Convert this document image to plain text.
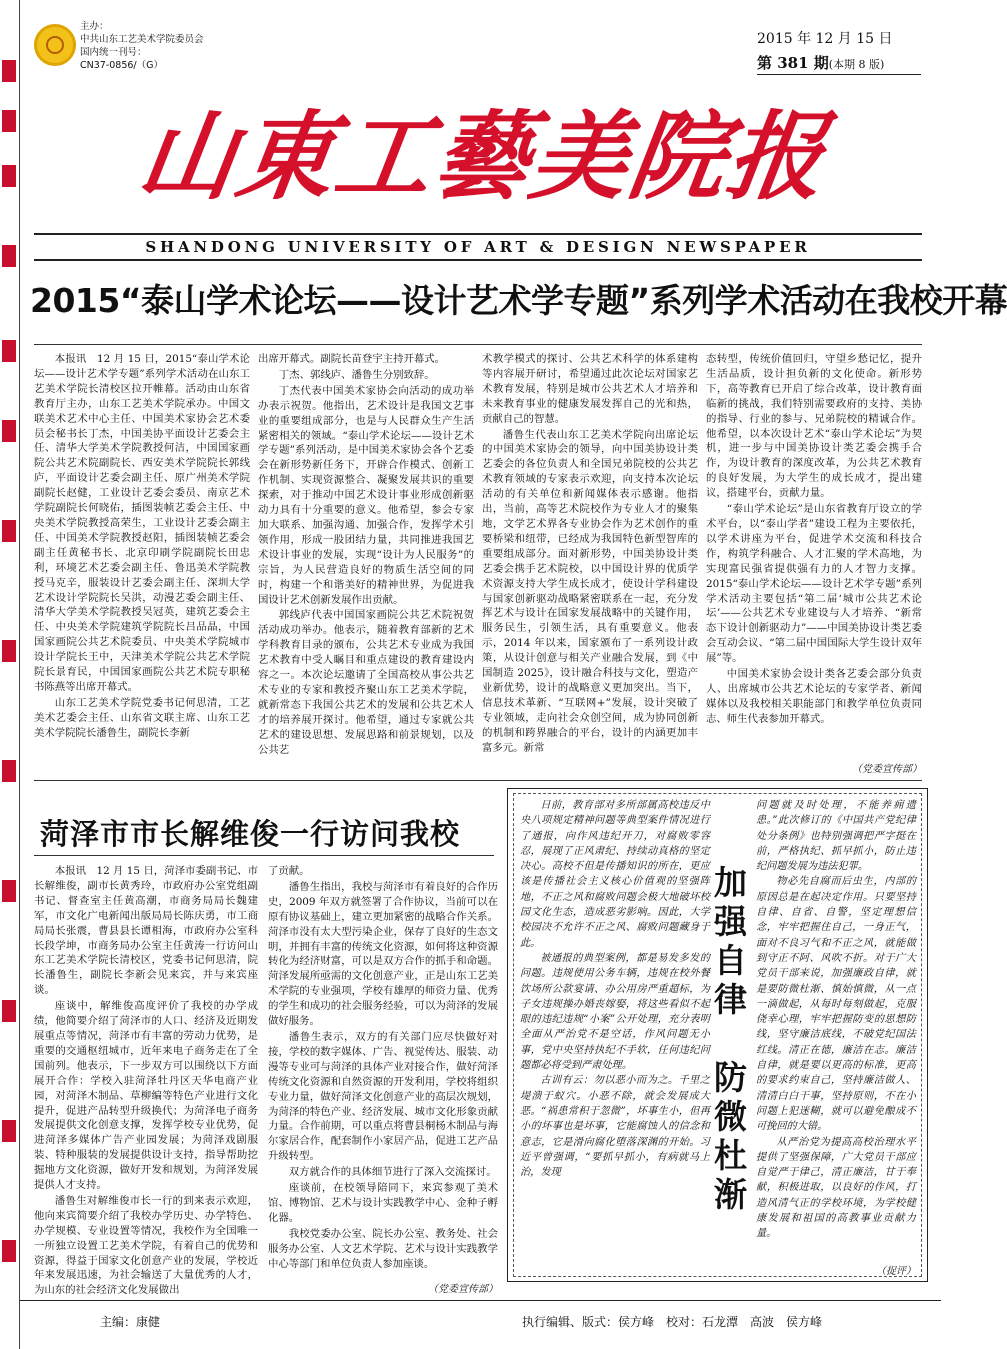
主办：
中共山东工艺美术学院委员会
国内统一刊号：
CN37-0856/（G）
2015 年 12 月 15 日
第 381 期(本期 8 版)
山東工藝美院报
SHANDONG UNIVERSITY OF ART & DESIGN NEWSPAPER
2015“泰山学术论坛——设计艺术学专题”系列学术活动在我校开幕

本报讯　12 月 15 日，2015“泰山学术论坛——设计艺术学专题”系列学术活动在山东工艺美术学院长清校区拉开帷幕。活动由山东省教育厅主办，山东工艺美术学院承办。中国文联美术艺术中心主任、中国美术家协会艺术委员会秘书长丁杰，中国美协平面设计艺委会主任、清华大学美术学院教授何洁，中国国家画院公共艺术院副院长、西安美术学院院长郭线庐，平面设计艺委会副主任、原广州美术学院副院长赵健，工业设计艺委会委员、南京艺术学院副院长何晓佑，插图装帧艺委会主任、中央美术学院教授高荣生，工业设计艺委会副主任、中国美术学院教授赵阳，插图装帧艺委会副主任黄秘书长、北京印刷学院副院长田忠利，环境艺术艺委会副主任、鲁迅美术学院教授马克辛，服装设计艺委会副主任、深圳大学艺术设计学院院长吴洪，动漫艺委会副主任、清华大学美术学院教授吴冠英，建筑艺委会主任、中央美术学院建筑学院院长吕品晶，中国国家画院公共艺术院委员、中央美术学院城市设计学院长王中，天津美术学院公共艺术学院院长景育民，中国国家画院公共艺术院专职秘书陈燕等出席开幕式。

山东工艺美术学院党委书记何思清，工艺美术艺委会主任、山东省文联主席、山东工艺美术学院院长潘鲁生，副院长李新

出席开幕式。副院长苗登宇主持开幕式。

丁杰、郭线庐、潘鲁生分别致辞。

丁杰代表中国美术家协会向活动的成功举办表示祝贺。他指出，艺术设计是我国文艺事业的重要组成部分，也是与人民群众生产生活紧密相关的领域。“泰山学术论坛——设计艺术学专题”系列活动，是中国美术家协会各个艺委会在新形势新任务下，开辟合作模式、创新工作机制、实现资源整合、凝聚发展共识的重要探索，对于推动中国艺术设计事业形成创新驱动力具有十分重要的意义。他希望，参会专家加大联系、加强沟通、加强合作，发挥学术引领作用，形成一股团结力量，共同推进我国艺术设计事业的发展，实现“设计为人民服务”的宗旨，为人民营造良好的物质生活空间的同时，构建一个和谐美好的精神世界，为促进我国设计艺术创新发展作出贡献。

郭线庐代表中国国家画院公共艺术院祝贺活动成功举办。他表示，随着教育部新的艺术学科教育目录的颁布，公共艺术专业成为我国艺术教育中受人瞩目和重点建设的教育建设内容之一。本次论坛邀请了全国高校从事公共艺术专业的专家和教授齐聚山东工艺美术学院，就新常态下我国公共艺术的发展和公共艺术人才的培养展开探讨。他希望，通过专家就公共艺术的建设思想、发展思路和前景规划，以及公共艺

术教学模式的探讨、公共艺术科学的体系建构等内容展开研讨，希望通过此次论坛对国家艺术教育发展，特别是城市公共艺术人才培养和未来教育事业的健康发展发挥自己的光和热，贡献自己的智慧。

潘鲁生代表山东工艺美术学院向出席论坛的中国美术家协会的领导，向中国美协设计类艺委会的各位负责人和全国兄弟院校的公共艺术教育领域的专家表示欢迎，向支持本次论坛活动的有关单位和新闻媒体表示感谢。他指出，当前，高等艺术院校作为专业人才的聚集地，文学艺术界各专业协会作为艺术创作的重要桥梁和纽带，已经成为我国特色新型智库的重要组成部分。面对新形势，中国美协设计类艺委会携手艺术院校，以中国设计界的优质学术资源支持大学生成长成才，使设计学科建设与国家创新驱动战略紧密联系在一起，充分发挥艺术与设计在国家发展战略中的关键作用，服务民生，引领生活，具有重要意义。他表示，2014 年以来，国家颁布了一系列设计政策，从设计创意与相关产业融合发展，到《中国制造 2025》，设计融合科技与文化，塑造产业新优势，设计的战略意义更加突出。当下，信息技术革新、“互联网+”发展，设计突破了专业领域，走向社会众创空间，成为协同创新的机制和跨界融合的平台，设计的内涵更加丰富多元。新常

态转型，传统价值回归，守望乡愁记忆，提升生活品质，设计担负新的文化使命。新形势下，高等教育已开启了综合改革，设计教育面临新的挑战，我们特别需要政府的支持、美协的指导、行业的参与、兄弟院校的精诚合作。他希望，以本次设计艺术“泰山学术论坛”为契机，进一步与中国美协设计类艺委会携手合作，为设计教育的深度改革，为公共艺术教育的良好发展，为大学生的成长成才，提出建议，搭建平台，贡献力量。

“泰山学术论坛”是山东省教育厅设立的学术平台，以“泰山学者”建设工程为主要依托，以学术讲座为平台，促进学术交流和科技合作，构筑学科融合、人才汇聚的学术高地，为实现富民强省提供强有力的人才智力支撑。2015“泰山学术论坛——设计艺术学专题”系列学术活动主要包括“第二届‘城市公共艺术论坛’——公共艺术专业建设与人才培养、“新常态下设计创新驱动力”——中国美协设计类艺委会互动会议、“第二届中国国际大学生设计双年展”等。

中国美术家协会设计类各艺委会部分负责人、出席城市公共艺术论坛的专家学者、新闻媒体以及我校相关职能部门和教学单位负责同志、师生代表参加开幕式。

（党委宣传部）
菏泽市市长解维俊一行访问我校

本报讯　12 月 15 日，菏泽市委副书记、市长解维俊，副市长黄秀玲，市政府办公室党组副书记、督查室主任黄高潮，市商务局局长魏建军，市文化广电新闻出版局局长陈庆勇，市工商局局长张震，曹县县长谭相海，市政府办公室科长段学坤，市商务局办公室主任黄涛一行访问山东工艺美术学院长清校区，党委书记何思清，院长潘鲁生，副院长李新会见来宾，并与来宾座谈。

座谈中，解维俊高度评价了我校的办学成绩，他简要介绍了菏泽市的人口、经济及近期发展重点等情况，菏泽市有丰富的劳动力优势，是重要的交通枢纽城市，近年来电子商务走在了全国前列。他表示，下一步双方可以围绕以下方面展开合作：学校入驻菏泽牡丹区天华电商产业园，对菏泽木制品、草柳编等特色产业进行文化提升，促进产品转型升级换代；为菏泽电子商务发展提供文化创意支撑，发挥学校专业优势，促进菏泽多媒体广告产业园发展；为菏泽戏剧服装、特种服装的发展提供设计支持，指导帮助挖掘地方文化资源，做好开发和规划，为菏泽发展提供人才支持。

潘鲁生对解维俊市长一行的到来表示欢迎，他向来宾简要介绍了我校办学历史、办学特色、办学规模、专业设置等情况，我校作为全国唯一一所独立设置工艺美术学院，有着自己的优势和资源，得益于国家文化创意产业的发展，学校近年来发展迅速，为社会输送了大量优秀的人才，为山东的社会经济文化发展做出

了贡献。

潘鲁生指出，我校与菏泽市有着良好的合作历史，2009 年双方就签署了合作协议，当前可以在原有协议基础上，建立更加紧密的战略合作关系。菏泽市没有太大型污染企业，保存了良好的生态文明，并拥有丰富的传统文化资源，如何将这种资源转化为经济财富，可以是双方合作的抓手和命题。菏泽发展所亟需的文化创意产业，正是山东工艺美术学院的专业强项，学校有雄厚的师资力量、优秀的学生和成功的社会服务经验，可以为菏泽的发展做好服务。

潘鲁生表示，双方的有关部门应尽快做好对接，学校的数字媒体、广告、视觉传达、服装、动漫等专业可与菏泽的具体产业对接合作，做好菏泽传统文化资源和自然资源的开发利用，学校将组织专业力量，做好菏泽文化创意产业的高层次规划，为菏泽的特色产业、经济发展、城市文化形象贡献力量。合作前期，可以重点将曹县桐杨木制品与海尔家居合作，配套制作小家居产品，促进工艺产品升级转型。

双方就合作的具体细节进行了深入交流探讨。

座谈前，在校领导陪同下，来宾参观了美术馆、博物馆、艺术与设计实践教学中心、金种子孵化器。

我校党委办公室、院长办公室、教务处、社会服务办公室、人文艺术学院、艺术与设计实践教学中心等部门和单位负责人参加座谈。

（党委宣传部）

日前，教育部对多所部属高校违反中央八项规定精神问题等典型案件情况进行了通报，向作风违纪开刀，对腐败零容忍，展现了正风肃纪、持续动真格的坚定决心。高校不但是传播知识的所在，更应该是传播社会主义核心价值观的坚强阵地，不正之风和腐败问题会极大地破坏校园文化生态，造成恶劣影响。因此，大学校园决不允许不正之风、腐败问题藏身于此。

被通报的典型案例，都是易发多发的问题。违规使用公务车辆，违规在校外餐饮场所公款宴请、办公用房严重超标，为子女违规操办婚丧嫁娶，将这些看似不起眼的违纪违规“小案”公开处理，充分表明全面从严治党不是空话，作风问题无小事，党中央坚持执纪不手软，任何违纪问题都必将受到严肃处理。

古训有云：勿以恶小而为之。千里之堤溃于蚁穴。小恶不除，就会发展成大恶。“祸患常积于忽微”，坏事生小，但再小的坏事也是坏事，它能腐蚀人的信念和意志，它是滑向腐化堕落深渊的开始。习近平曾强调，“要抓早抓小，有病就马上治，发现	加强自律　防微杜渐

问题就及时处理，不能养痈遗患。”此次修订的《中国共产党纪律处分条例》也特别强调把严字挺在前，严格执纪、抓早抓小，防止违纪问题发展为违法犯罪。

物必先自腐而后虫生，内部的原因总是在起决定作用。只要坚持自律、自省、自警，坚定理想信念，牢牢把握住自己，一身正气，面对不良习气和不正之风，就能做到守正不阿、风吹不折。对于广大党员干部来说，加强廉政自律，就是要防微杜渐、慎始慎微，从一点一滴做起，从每时每刻做起，克服侥幸心理，牢牢把握防变的思想防线，坚守廉洁底线，不破党纪国法红线。清正在德，廉洁在志。廉洁自律，就是要以更高的标准，更高的要求约束自己，坚持廉洁做人、清清白白干事，坚持原则，不在小问题上犯迷糊，就可以避免酿成不可挽回的大错。

从严治党为提高高校治理水平提供了坚强保障，广大党员干部应自觉严于律己，清正廉洁，甘于奉献，积极进取，以良好的作风，打造风清气正的学校环境，为学校健康发展和祖国的高教事业贡献力量。

（捉评）
主编：康健	执行编辑、版式：侯方峰　校对：石龙潭　高波　侯方峰
